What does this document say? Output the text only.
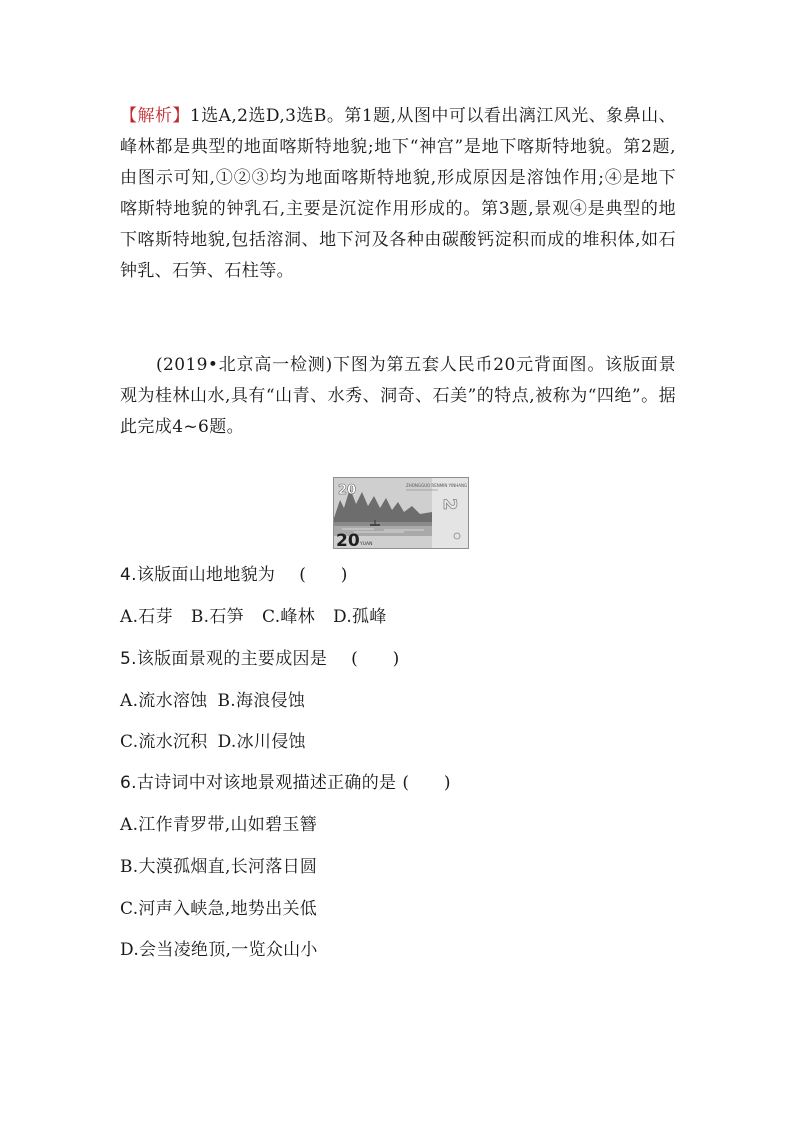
【解析】1选A,2选D,3选B。第1题,从图中可以看出漓江风光、象鼻山、峰林都是典型的地面喀斯特地貌;地下“神宫”是地下喀斯特地貌。第2题,由图示可知,①②③均为地面喀斯特地貌,形成原因是溶蚀作用;④是地下喀斯特地貌的钟乳石,主要是沉淀作用形成的。第3题,景观④是典型的地下喀斯特地貌,包括溶洞、地下河及各种由碳酸钙淀积而成的堆积体,如石钟乳、石笋、石柱等。

(2019•北京高一检测)下图为第五套人民币20元背面图。该版面景观为桂林山水,具有“山青、水秀、洞奇、石美”的特点,被称为“四绝”。据此完成4~6题。

ZHONGGUO RENMIN YINHANG
20
20 YUAN
2
4.该版面山地地貌为 (　　)
A.石芽 B.石笋 C.峰林 D.孤峰
5.该版面景观的主要成因是 (　　)
A.流水溶蚀 B.海浪侵蚀
C.流水沉积 D.冰川侵蚀
6.古诗词中对该地景观描述正确的是 (　　)
A.江作青罗带,山如碧玉簪
B.大漠孤烟直,长河落日圆
C.河声入峡急,地势出关低
D.会当凌绝顶,一览众山小
